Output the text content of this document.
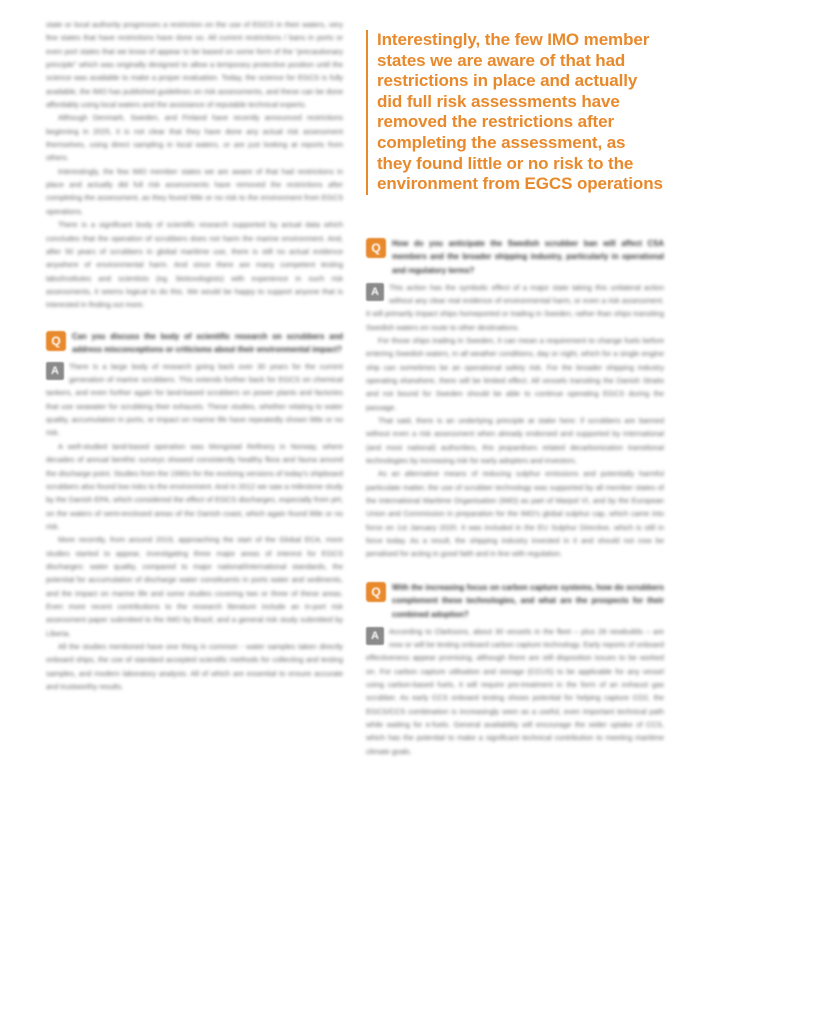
state or local authority progresses a restriction on the use of EGCS in their waters, very few states that have restrictions have done so. All current restrictions / bans in ports or even port states that we know of appear to be based on some form of the “precautionary principle” which was originally designed to allow a temporary protective position until the science was available to make a proper evaluation. Today, the science for EGCS is fully available, the IMO has published guidelines on risk assessments, and these can be done affordably using local waters and the assistance of reputable technical experts.

Although Denmark, Sweden, and Finland have recently announced restrictions beginning in 2025, it is not clear that they have done any actual risk assessment themselves, using direct sampling in local waters, or are just looking at reports from others.

Interestingly, the few IMO member states we are aware of that had restrictions in place and actually did full risk assessments have removed the restrictions after completing the assessment, as they found little or no risk to the environment from EGCS operations.

There is a significant body of scientific research supported by actual data which concludes that the operation of scrubbers does not harm the marine environment. And, after 50 years of scrubbers in global maritime use, there is still no actual evidence anywhere of environmental harm. And since there are many competent testing labs/institutes and scientists (eg. biotoxologists) with experience in such risk assessments, it seems logical to do this. We would be happy to support anyone that is interested in finding out more.

Q Can you discuss the body of scientific research on scrubbers and address misconceptions or criticisms about their environmental impact?

A	There is a large body of research going back over 30 years for the current generation of marine scrubbers. This extends further back for EGCS on chemical tankers, and even further again for land-based scrubbers on power plants and factories that use seawater for scrubbing their exhausts. These studies, whether relating to water quality, accumulation in ports, or impact on marine life have repeatedly shown little or no risk.

A well-studied land-based operation was Mongstad Refinery in Norway, where decades of annual benthic surveys showed consistently healthy flora and fauna around the discharge point. Studies from the 1990s for the evolving versions of today’s shipboard scrubbers also found low risks to the environment. And in 2012 we saw a milestone study by the Danish EPA, which considered the effect of EGCS discharges, especially from pH, on the waters of semi-enclosed areas of the Danish coast, which again found little or no risk.

More recently, from around 2019, approaching the start of the Global ECA, more studies started to appear, investigating three major areas of interest for EGCS discharges: water quality, compared to major national/international standards, the potential for accumulation of discharge water constituents in ports water and sediments, and the impact on marine life and some studies covering two or three of these areas. Even more recent contributions to the research literature include an in-port risk assessment paper submitted to the IMO by Brazil, and a general risk study submitted by Liberia.

All the studies mentioned have one thing in common - water samples taken directly onboard ships, the use of standard accepted scientific methods for collecting and testing samples, and modern laboratory analysis. All of which are essential to ensure accurate and trustworthy results.

Interestingly, the few IMO member states we are aware of that had restrictions in place and actually did full risk assessments have removed the restrictions after completing the assessment, as they found little or no risk to the environment from EGCS operations

Q How do you anticipate the Swedish scrubber ban will affect CSA members and the broader shipping industry, particularly in operational and regulatory terms?

A	This action has the symbolic effect of a major state taking this unilateral action without any clear real evidence of environmental harm, or even a risk assessment. It will primarily impact ships homeported or trading in Sweden, rather than ships transiting Swedish waters en route to other destinations.

For those ships trading in Sweden, it can mean a requirement to change fuels before entering Swedish waters, in all weather conditions, day or night, which for a single engine ship can sometimes be an operational safety risk. For the broader shipping industry operating elsewhere, there will be limited effect. All vessels transiting the Danish Straits and not bound for Sweden should be able to continue operating EGCS during the passage.

That said, there is an underlying principle at stake here: if scrubbers are banned without even a risk assessment when already endorsed and supported by international (and most national) authorities, this jeopardises related decarbonization transitional technologies by increasing risk for early adopters and investors.

As an alternative means of reducing sulphur emissions and potentially harmful particulate matter, the use of scrubber technology was supported by all member states of the International Maritime Organisation (IMO) as part of Marpol VI, and by the European Union and Commission in preparation for the IMO’s global sulphur cap, which came into force on 1st January 2020. It was included in the EU Sulphur Directive, which is still in force today. As a result, the shipping industry invested in it and should not now be penalised for acting in good faith and in line with regulation.

Q With the increasing focus on carbon capture systems, how do scrubbers complement these technologies, and what are the prospects for their combined adoption?

A	According to Clarksons, about 30 vessels in the fleet – plus 28 newbuilds – are now or will be testing onboard carbon capture technology. Early reports of onboard effectiveness appear promising, although there are still disposition issues to be worked on. For carbon capture utilisation and storage (CCUS) to be applicable for any vessel using carbon-based fuels, it will require pre-treatment in the form of an exhaust gas scrubber. As early CCS onboard testing shows potential for helping capture CO2, the EGCS/CCS combination is increasingly seen as a useful, even important technical path while waiting for e-fuels. General availability will encourage the wider uptake of CCS, which has the potential to make a significant technical contribution to meeting maritime climate goals.
